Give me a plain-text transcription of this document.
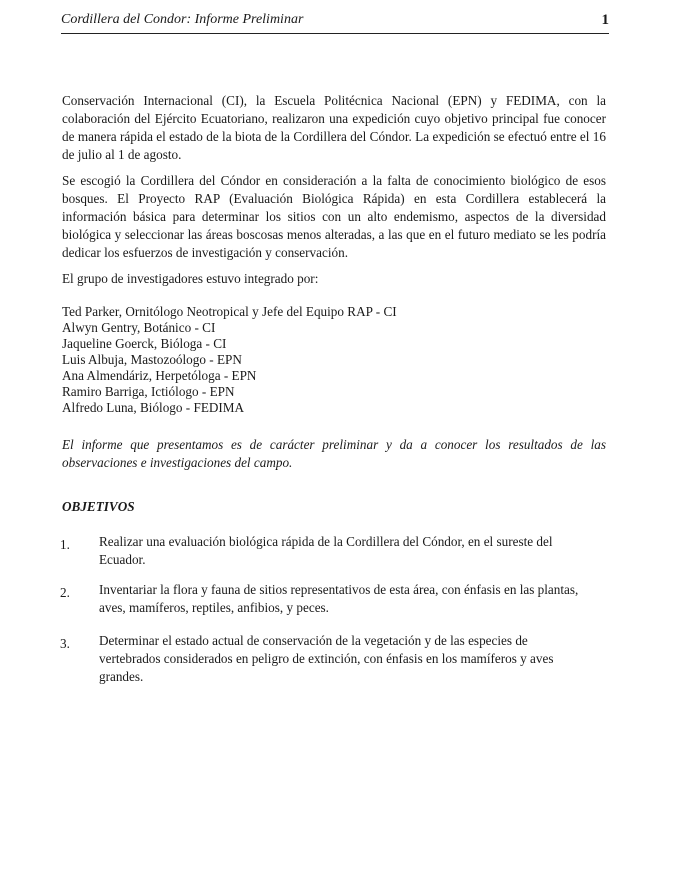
Cordillera del Condor: Informe Preliminar	1

Conservación Internacional (CI), la Escuela Politécnica Nacional (EPN) y FEDIMA, con la colaboración del Ejército Ecuatoriano, realizaron una expedición cuyo objetivo principal fue conocer de manera rápida el estado de la biota de la Cordillera del Cóndor. La expedición se efectuó entre el 16 de julio al 1 de agosto.

Se escogió la Cordillera del Cóndor en consideración a la falta de conocimiento biológico de esos bosques. El Proyecto RAP (Evaluación Biológica Rápida) en esta Cordillera establecerá la información básica para determinar los sitios con un alto endemismo, aspectos de la diversidad biológica y seleccionar las áreas boscosas menos alteradas, a las que en el futuro mediato se les podría dedicar los esfuerzos de investigación y conservación.

El grupo de investigadores estuvo integrado por:

Ted Parker, Ornitólogo Neotropical y Jefe del Equipo RAP - CI
Alwyn Gentry, Botánico - CI
Jaqueline Goerck, Bióloga - CI
Luis Albuja, Mastozoólogo - EPN
Ana Almendáriz, Herpetóloga - EPN
Ramiro Barriga, Ictiólogo - EPN
Alfredo Luna, Biólogo - FEDIMA

El informe que presentamos es de carácter preliminar y da a conocer los resultados de las observaciones e investigaciones del campo.

OBJETIVOS
1. Realizar una evaluación biológica rápida de la Cordillera del Cóndor, en el sureste del Ecuador.

2. Inventariar la flora y fauna de sitios representativos de esta área, con énfasis en las plantas, aves, mamíferos, reptiles, anfibios, y peces.

3. Determinar el estado actual de conservación de la vegetación y de las especies de vertebrados considerados en peligro de extinción, con énfasis en los mamíferos y aves grandes.
